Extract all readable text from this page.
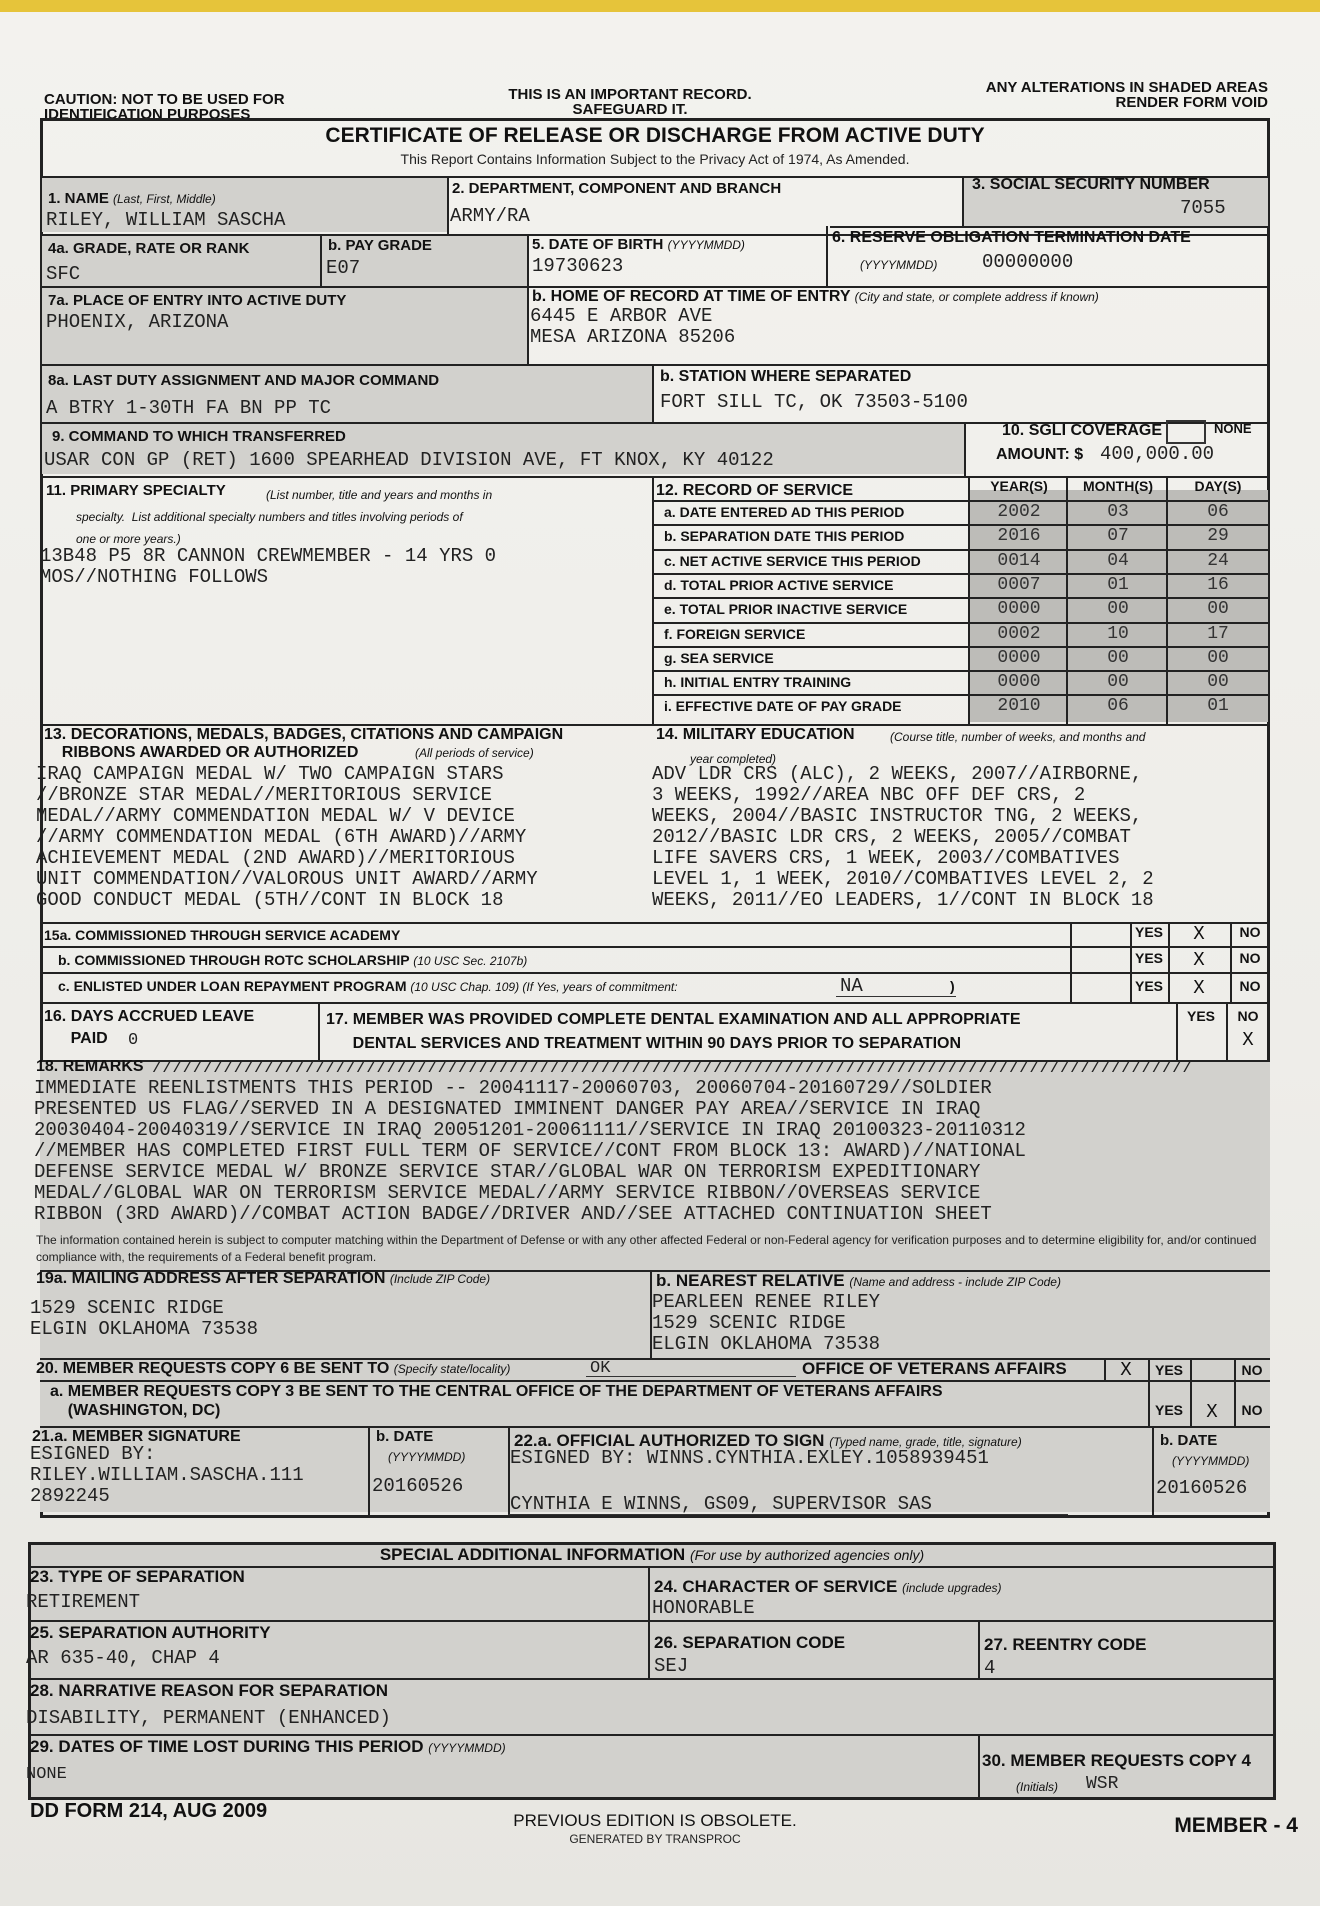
CAUTION: NOT TO BE USED FOR
IDENTIFICATION PURPOSES
THIS IS AN IMPORTANT RECORD.
SAFEGUARD IT.
ANY ALTERATIONS IN SHADED AREAS
RENDER FORM VOID
CERTIFICATE OF RELEASE OR DISCHARGE FROM ACTIVE DUTY
This Report Contains Information Subject to the Privacy Act of 1974, As Amended.
1. NAME (Last, First, Middle)
RILEY, WILLIAM SASCHA
2. DEPARTMENT, COMPONENT AND BRANCH
ARMY/RA
3. SOCIAL SECURITY NUMBER
7055
4a. GRADE, RATE OR RANK
SFC
b. PAY GRADE
E07
5. DATE OF BIRTH (YYYYMMDD)
19730623
6. RESERVE OBLIGATION TERMINATION DATE
(YYYYMMDD) 00000000
7a. PLACE OF ENTRY INTO ACTIVE DUTY
PHOENIX, ARIZONA
b. HOME OF RECORD AT TIME OF ENTRY (City and state, or complete address if known)
6445 E ARBOR AVE
MESA ARIZONA 85206
8a. LAST DUTY ASSIGNMENT AND MAJOR COMMAND
A BTRY 1-30TH FA BN PP TC
b. STATION WHERE SEPARATED
FORT SILL TC, OK 73503-5100
9. COMMAND TO WHICH TRANSFERRED
USAR CON GP (RET) 1600 SPEARHEAD DIVISION AVE, FT KNOX, KY 40122
10. SGLI COVERAGE	NONE
AMOUNT: $ 400,000.00
11. PRIMARY SPECIALTY	(List number, title and years and months in
specialty.  List additional specialty numbers and titles involving periods of
one or more years.)
13B48 P5 8R CANNON CREWMEMBER - 14 YRS 0
MOS//NOTHING FOLLOWS
12. RECORD OF SERVICE	YEAR(S)	MONTH(S)	DAY(S)
a. DATE ENTERED AD THIS PERIOD	2002	03	06
b. SEPARATION DATE THIS PERIOD	2016	07	29
c. NET ACTIVE SERVICE THIS PERIOD	0014	04	24
d. TOTAL PRIOR ACTIVE SERVICE	0007	01	16
e. TOTAL PRIOR INACTIVE SERVICE	0000	00	00
f. FOREIGN SERVICE	0002	10	17
g. SEA SERVICE	0000	00	00
h. INITIAL ENTRY TRAINING	0000	00	00
i. EFFECTIVE DATE OF PAY GRADE	2010	06	01
13. DECORATIONS, MEDALS, BADGES, CITATIONS AND CAMPAIGN
RIBBONS AWARDED OR AUTHORIZED	(All periods of service)
IRAQ CAMPAIGN MEDAL W/ TWO CAMPAIGN STARS
//BRONZE STAR MEDAL//MERITORIOUS SERVICE
MEDAL//ARMY COMMENDATION MEDAL W/ V DEVICE
//ARMY COMMENDATION MEDAL (6TH AWARD)//ARMY
ACHIEVEMENT MEDAL (2ND AWARD)//MERITORIOUS
UNIT COMMENDATION//VALOROUS UNIT AWARD//ARMY
GOOD CONDUCT MEDAL (5TH//CONT IN BLOCK 18
14. MILITARY EDUCATION	(Course title, number of weeks, and months and
year completed)
ADV LDR CRS (ALC), 2 WEEKS, 2007//AIRBORNE,
3 WEEKS, 1992//AREA NBC OFF DEF CRS, 2
WEEKS, 2004//BASIC INSTRUCTOR TNG, 2 WEEKS,
2012//BASIC LDR CRS, 2 WEEKS, 2005//COMBAT
LIFE SAVERS CRS, 1 WEEK, 2003//COMBATIVES
LEVEL 1, 1 WEEK, 2010//COMBATIVES LEVEL 2, 2
WEEKS, 2011//EO LEADERS, 1//CONT IN BLOCK 18
15a. COMMISSIONED THROUGH SERVICE ACADEMY
b. COMMISSIONED THROUGH ROTC SCHOLARSHIP (10 USC Sec. 2107b)
c. ENLISTED UNDER LOAN REPAYMENT PROGRAM (10 USC Chap. 109) (If Yes, years of commitment:	NA	)
YES	NO
X
YES	NO
X
YES	NO
X
16. DAYS ACCRUED LEAVE
PAID	0
17. MEMBER WAS PROVIDED COMPLETE DENTAL EXAMINATION AND ALL APPROPRIATE
DENTAL SERVICES AND TREATMENT WITHIN 90 DAYS PRIOR TO SEPARATION
YES	NO
X
18. REMARKS //////////////////////////////////////////////////////////////////////////////////////////////////////
IMMEDIATE REENLISTMENTS THIS PERIOD -- 20041117-20060703, 20060704-20160729//SOLDIER
PRESENTED US FLAG//SERVED IN A DESIGNATED IMMINENT DANGER PAY AREA//SERVICE IN IRAQ
20030404-20040319//SERVICE IN IRAQ 20051201-20061111//SERVICE IN IRAQ 20100323-20110312
//MEMBER HAS COMPLETED FIRST FULL TERM OF SERVICE//CONT FROM BLOCK 13: AWARD)//NATIONAL
DEFENSE SERVICE MEDAL W/ BRONZE SERVICE STAR//GLOBAL WAR ON TERRORISM EXPEDITIONARY
MEDAL//GLOBAL WAR ON TERRORISM SERVICE MEDAL//ARMY SERVICE RIBBON//OVERSEAS SERVICE
RIBBON (3RD AWARD)//COMBAT ACTION BADGE//DRIVER AND//SEE ATTACHED CONTINUATION SHEET
The information contained herein is subject to computer matching within the Department of Defense or with any other affected Federal or non-Federal agency for verification purposes and to determine eligibility for, and/or continued compliance with, the requirements of a Federal benefit program.
19a. MAILING ADDRESS AFTER SEPARATION (Include ZIP Code)
1529 SCENIC RIDGE
ELGIN OKLAHOMA 73538
b. NEAREST RELATIVE (Name and address - include ZIP Code)
PEARLEEN RENEE RILEY
1529 SCENIC RIDGE
ELGIN OKLAHOMA 73538
20. MEMBER REQUESTS COPY 6 BE SENT TO (Specify state/locality)	OK	OFFICE OF VETERANS AFFAIRS	X	YES	NO
a. MEMBER REQUESTS COPY 3 BE SENT TO THE CENTRAL OFFICE OF THE DEPARTMENT OF VETERANS AFFAIRS
(WASHINGTON, DC)	YES	X	NO
21.a. MEMBER SIGNATURE
ESIGNED BY:
RILEY.WILLIAM.SASCHA.111
2892245
b. DATE
(YYYYMMDD)
20160526
22.a. OFFICIAL AUTHORIZED TO SIGN (Typed name, grade, title, signature)
ESIGNED BY: WINNS.CYNTHIA.EXLEY.1058939451
CYNTHIA E WINNS, GS09, SUPERVISOR SAS
b. DATE
(YYYYMMDD)
20160526
SPECIAL ADDITIONAL INFORMATION (For use by authorized agencies only)
23. TYPE OF SEPARATION
RETIREMENT
24. CHARACTER OF SERVICE (include upgrades)
HONORABLE
25. SEPARATION AUTHORITY
AR 635-40, CHAP 4
26. SEPARATION CODE
SEJ
27. REENTRY CODE
4
28. NARRATIVE REASON FOR SEPARATION
DISABILITY, PERMANENT (ENHANCED)
29. DATES OF TIME LOST DURING THIS PERIOD (YYYYMMDD)
NONE
30. MEMBER REQUESTS COPY 4
(Initials) WSR
DD FORM 214, AUG 2009	PREVIOUS EDITION IS OBSOLETE.
GENERATED BY TRANSPROC
MEMBER - 4
